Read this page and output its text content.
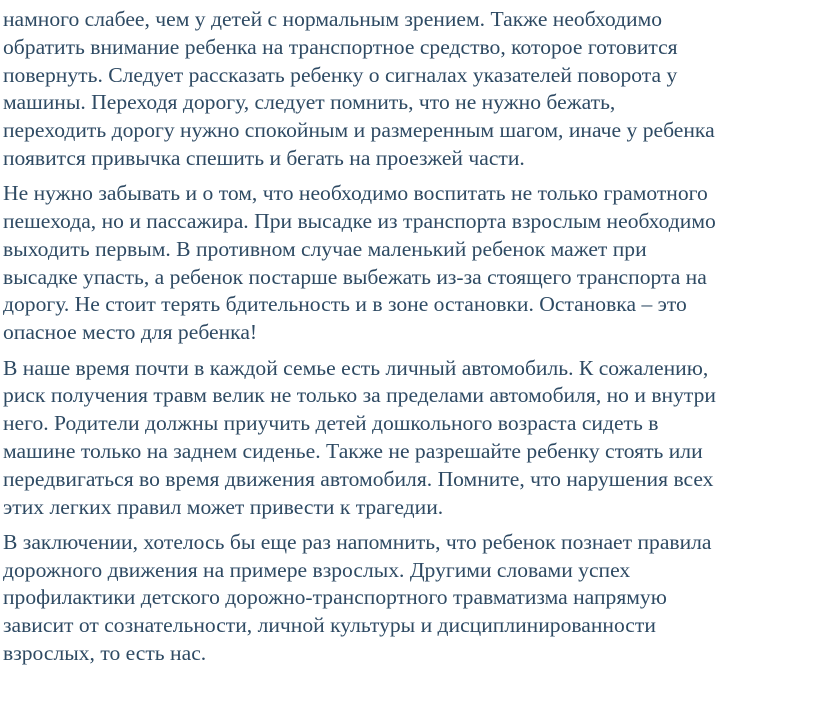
намного слабее, чем у детей с нормальным зрением. Также необходимо
обратить внимание ребенка на транспортное средство, которое готовится
повернуть. Следует рассказать ребенку о сигналах указателей поворота у
машины. Переходя дорогу, следует помнить, что не нужно бежать,
переходить дорогу нужно спокойным и размеренным шагом, иначе у ребенка
появится привычка спешить и бегать на проезжей части.

Не нужно забывать и о том, что необходимо воспитать не только грамотного
пешехода, но и пассажира. При высадке из транспорта взрослым необходимо
выходить первым. В противном случае маленький ребенок мажет при
высадке упасть, а ребенок постарше выбежать из-за стоящего транспорта на
дорогу. Не стоит терять бдительность и в зоне остановки. Остановка – это
опасное место для ребенка!

В наше время почти в каждой семье есть личный автомобиль. К сожалению,
риск получения травм велик не только за пределами автомобиля, но и внутри
него. Родители должны приучить детей дошкольного возраста сидеть в
машине только на заднем сиденье. Также не разрешайте ребенку стоять или
передвигаться во время движения автомобиля. Помните, что нарушения всех
этих легких правил может привести к трагедии.

В заключении, хотелось бы еще раз напомнить, что ребенок познает правила
дорожного движения на примере взрослых. Другими словами успех
профилактики детского дорожно-транспортного травматизма напрямую
зависит от сознательности, личной культуры и дисциплинированности
взрослых, то есть нас.
